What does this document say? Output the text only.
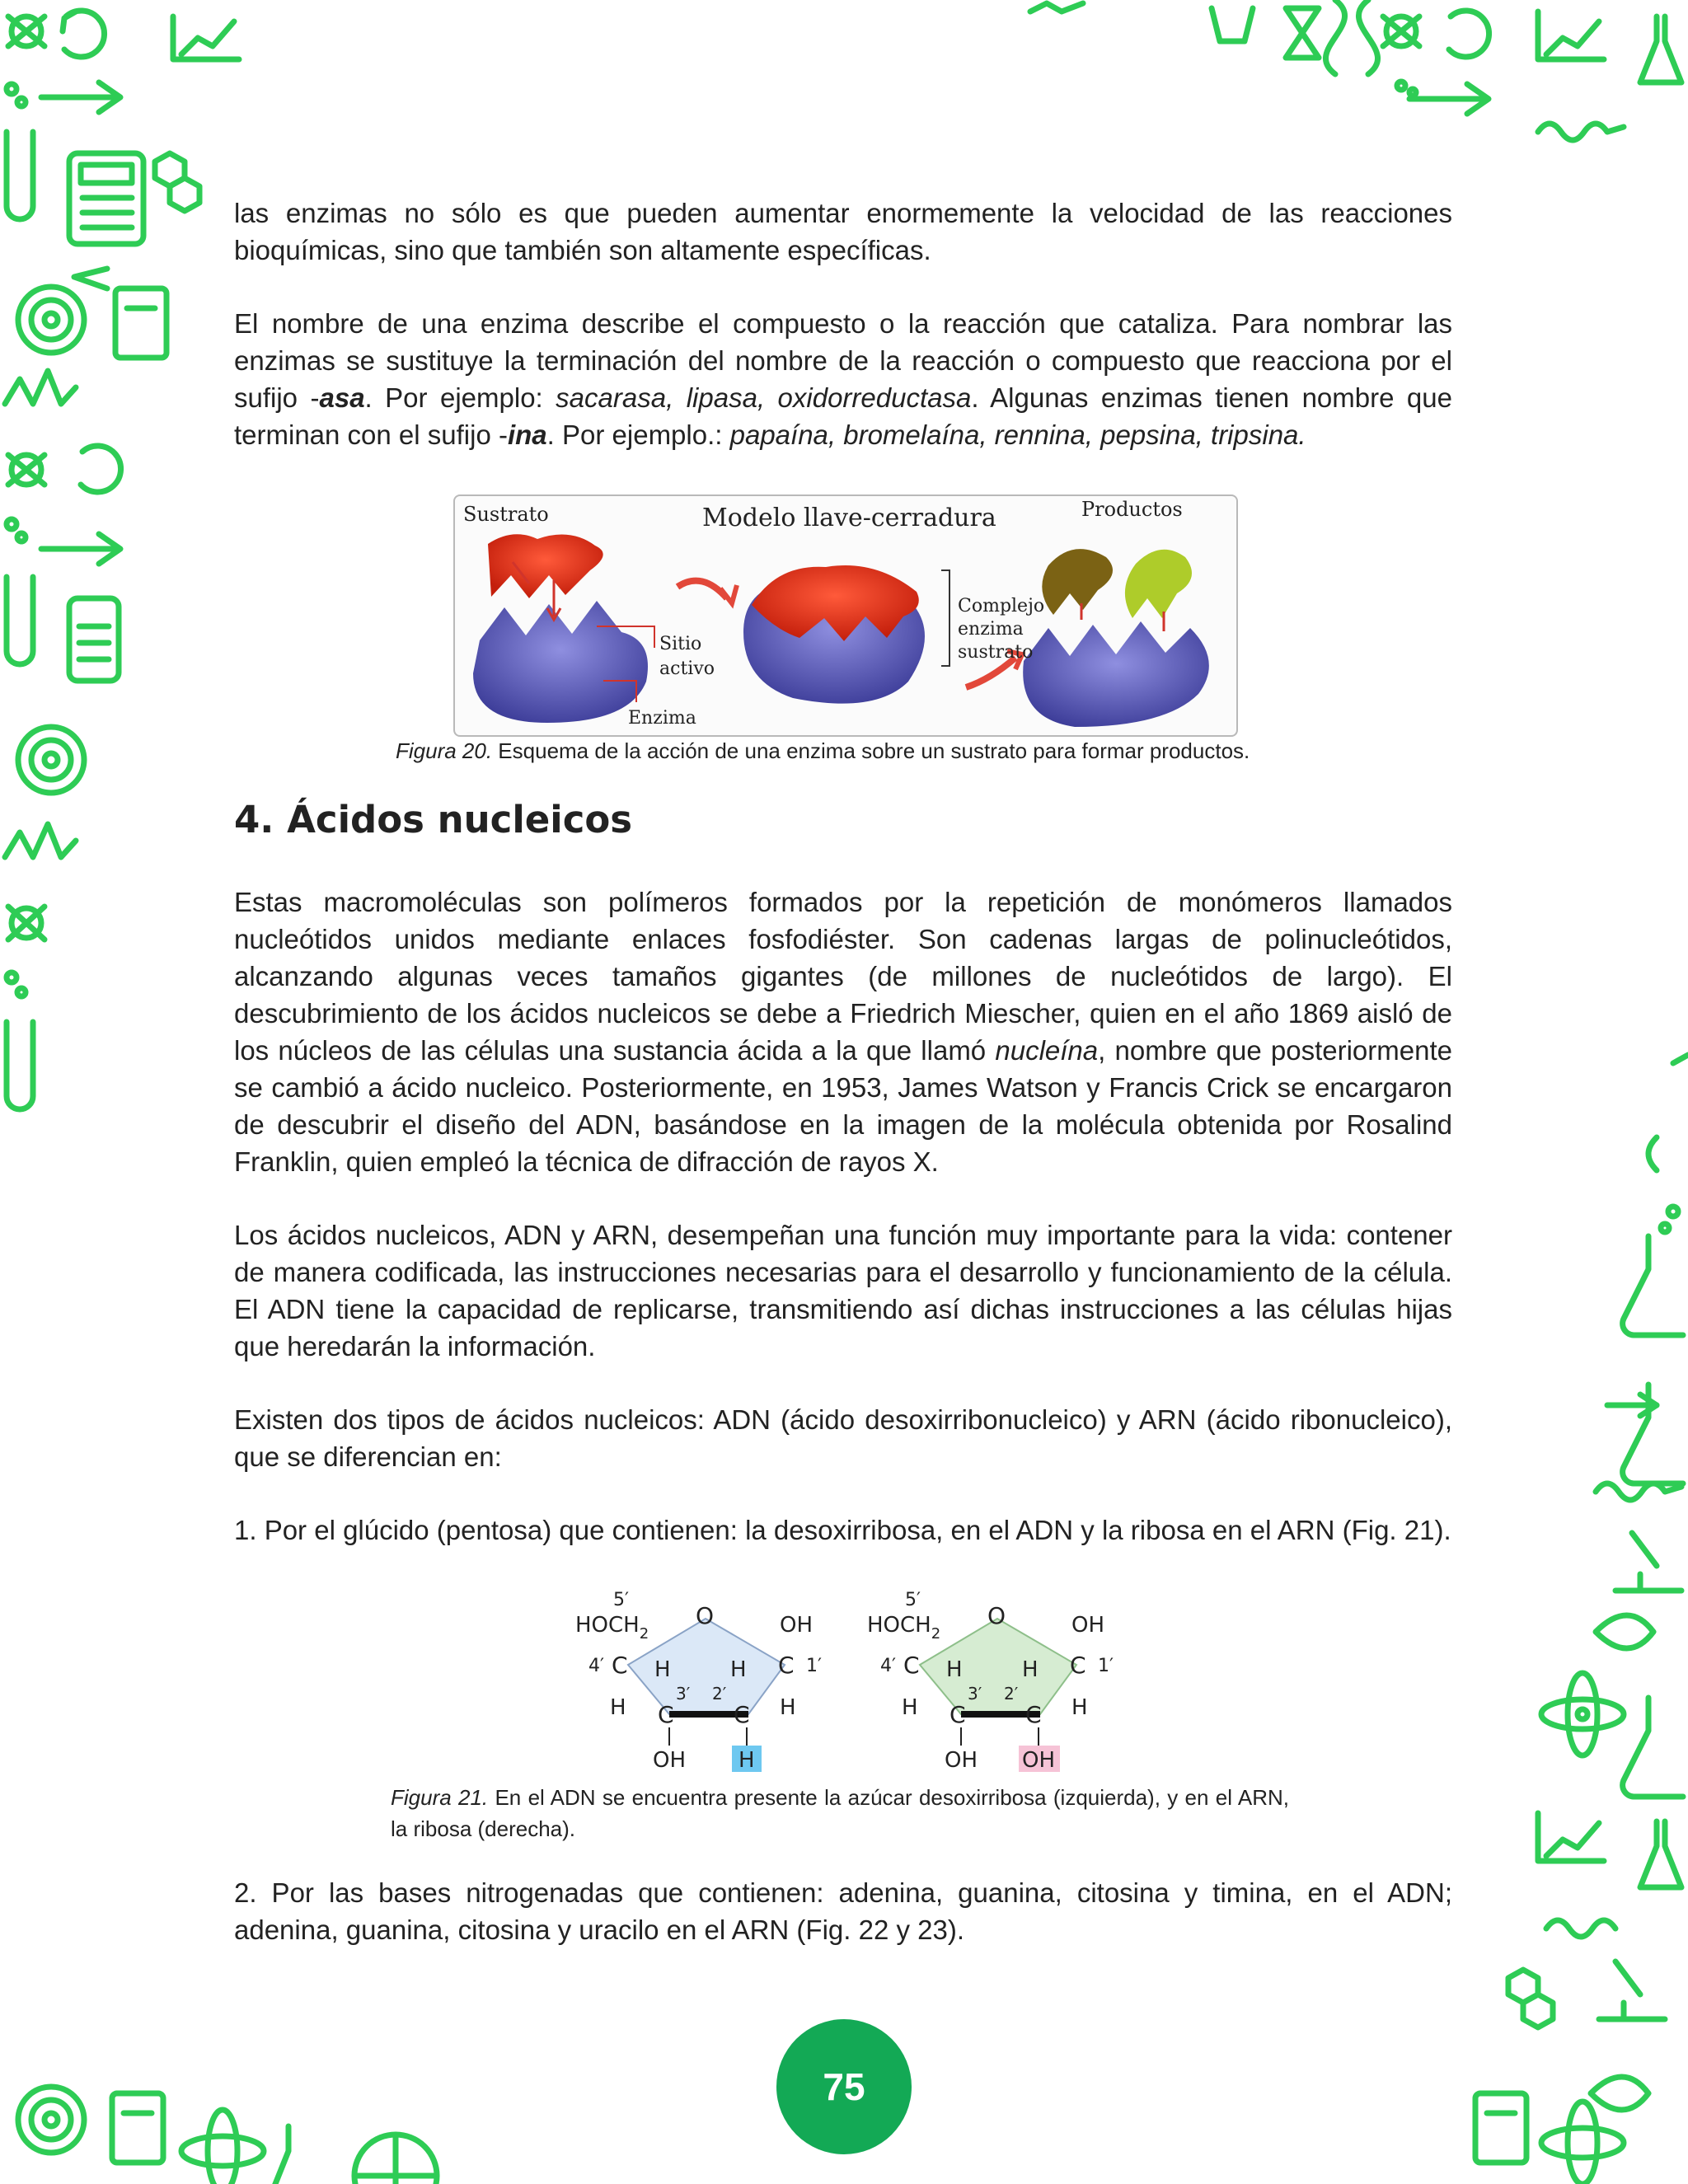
las enzimas no sólo es que pueden aumentar enormemente la velocidad de las reacciones bioquímicas, sino que también son altamente específicas.

El nombre de una enzima describe el compuesto o la reacción que cataliza. Para nombrar las enzimas se sustituye la terminación del nombre de la reacción o compuesto que reacciona por el sufijo -asa. Por ejemplo: sacarasa, lipasa, oxidorreductasa. Algunas enzimas tienen nombre que terminan con el sufijo -ina. Por ejemplo.: papaína, bromelaína, rennina, pepsina, tripsina.

Sustrato	Modelo llave-cerradura	Productos
Sitio
activo
Enzima
Complejo
enzima
sustrato

Figura 20. Esquema de la acción de una enzima sobre un sustrato para formar productos.

4. Ácidos nucleicos

Estas macromoléculas son polímeros formados por la repetición de monómeros llamados nucleótidos unidos mediante enlaces fosfodiéster. Son cadenas largas de polinucleótidos, alcanzando algunas veces tamaños gigantes (de millones de nucleótidos de largo). El descubrimiento de los ácidos nucleicos se debe a Friedrich Miescher, quien en el año 1869 aisló de los núcleos de las células una sustancia ácida a la que llamó nucleína, nombre que posteriormente se cambió a ácido nucleico. Posteriormente, en 1953, James Watson y Francis Crick se encargaron de descubrir el diseño del ADN, basándose en la imagen de la molécula obtenida por Rosalind Franklin, quien empleó la técnica de difracción de rayos X.

Los ácidos nucleicos, ADN y ARN, desempeñan una función muy importante para la vida: contener de manera codificada, las instrucciones necesarias para el desarrollo y funcionamiento de la célula. El ADN tiene la capacidad de replicarse, transmitiendo así dichas instrucciones a las células hijas que heredarán la información.

Existen dos tipos de ácidos nucleicos: ADN (ácido desoxirribonucleico) y ARN (ácido ribonucleico), que se diferencian en:

1. Por el glúcido (pentosa) que contienen: la desoxirribosa, en el ADN y la ribosa en el ARN (Fig. 21).

5′
$HOCH_2$
O	OH
4′ C	C 1′
H	H
3′ 2′
H	H
C	C
OH H
5′
$HOCH_2$
O	OH
4′ C	C 1′
H	H
3′ 2′
H	H
C	C
OH OH

Figura 21. En el ADN se encuentra presente la azúcar desoxirribosa (izquierda), y en el ARN, la ribosa (derecha).

2. Por las bases nitrogenadas que contienen: adenina, guanina, citosina y timina, en el ADN; adenina, guanina, citosina y uracilo en el ARN (Fig. 22 y 23).

75
